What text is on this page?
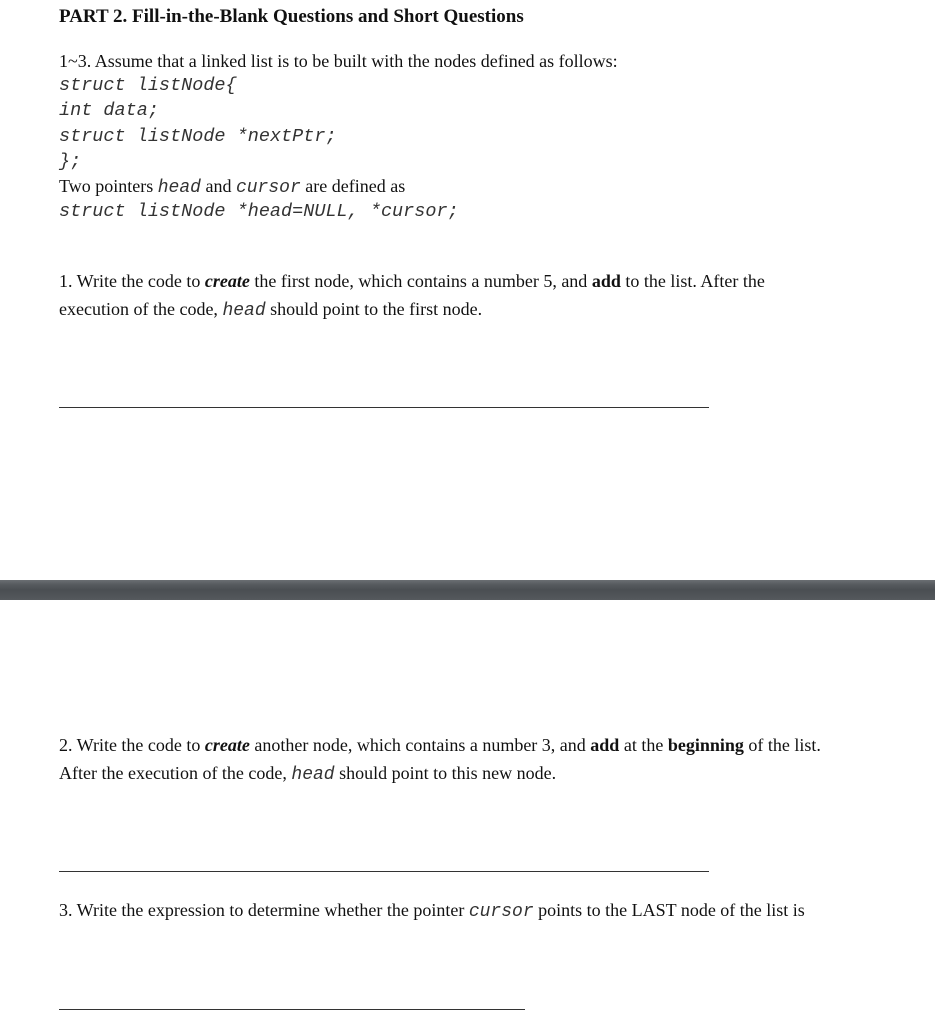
PART 2. Fill-in-the-Blank Questions and Short Questions
1~3. Assume that a linked list is to be built with the nodes defined as follows:
struct listNode{
int data;
struct listNode *nextPtr;
};
Two pointers head and cursor are defined as
struct listNode *head=NULL, *cursor;
1. Write the code to create the first node, which contains a number 5, and add to the list. After the
execution of the code, head should point to the first node.
2. Write the code to create another node, which contains a number 3, and add at the beginning of the list.
After the execution of the code, head should point to this new node.
3. Write the expression to determine whether the pointer cursor points to the LAST node of the list is
